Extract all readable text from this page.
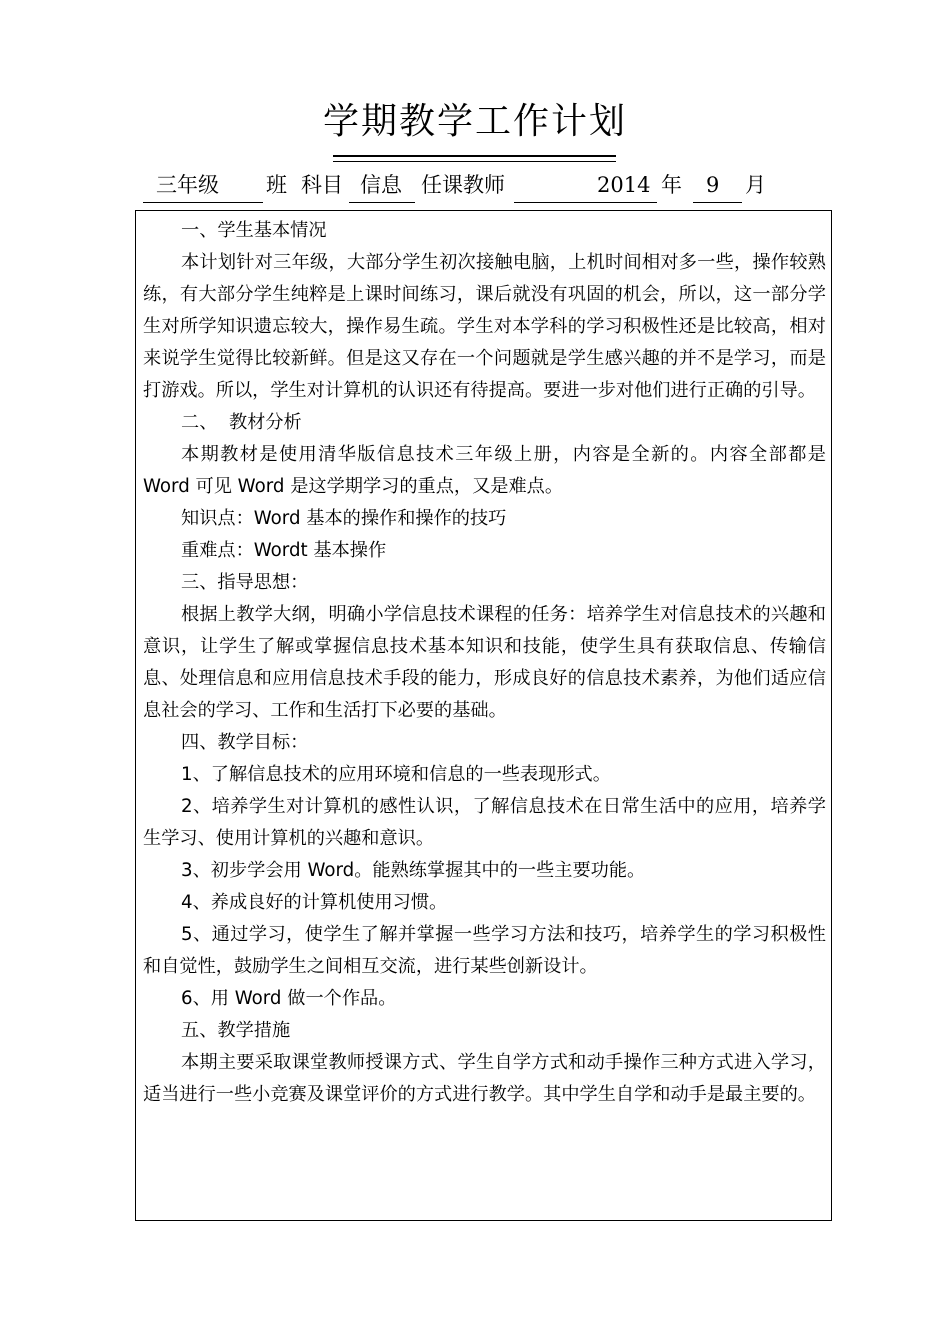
学期教学工作计划
三年级 班 科目 信息 任课教师	2014 年 9 月

一、学生基本情况

本计划针对三年级，大部分学生初次接触电脑，上机时间相对多一些，操作较熟练，有大部分学生纯粹是上课时间练习，课后就没有巩固的机会，所以，这一部分学生对所学知识遗忘较大，操作易生疏。学生对本学科的学习积极性还是比较高，相对来说学生觉得比较新鲜。但是这又存在一个问题就是学生感兴趣的并不是学习，而是打游戏。所以，学生对计算机的认识还有待提高。要进一步对他们进行正确的引导。

二、  教材分析

本期教材是使用清华版信息技术三年级上册，内容是全新的。内容全部都是Word 可见 Word 是这学期学习的重点，又是难点。

知识点：Word 基本的操作和操作的技巧

重难点：Wordt 基本操作

三、指导思想：

根据上教学大纲，明确小学信息技术课程的任务：培养学生对信息技术的兴趣和意识，让学生了解或掌握信息技术基本知识和技能，使学生具有获取信息、传输信息、处理信息和应用信息技术手段的能力，形成良好的信息技术素养，为他们适应信息社会的学习、工作和生活打下必要的基础。

四、教学目标：

1、了解信息技术的应用环境和信息的一些表现形式。

2、培养学生对计算机的感性认识，了解信息技术在日常生活中的应用，培养学生学习、使用计算机的兴趣和意识。

3、初步学会用 Word。能熟练掌握其中的一些主要功能。

4、养成良好的计算机使用习惯。

5、通过学习，使学生了解并掌握一些学习方法和技巧，培养学生的学习积极性和自觉性，鼓励学生之间相互交流，进行某些创新设计。

6、用 Word 做一个作品。

五、教学措施

本期主要采取课堂教师授课方式、学生自学方式和动手操作三种方式进入学习，适当进行一些小竞赛及课堂评价的方式进行教学。其中学生自学和动手是最主要的。
